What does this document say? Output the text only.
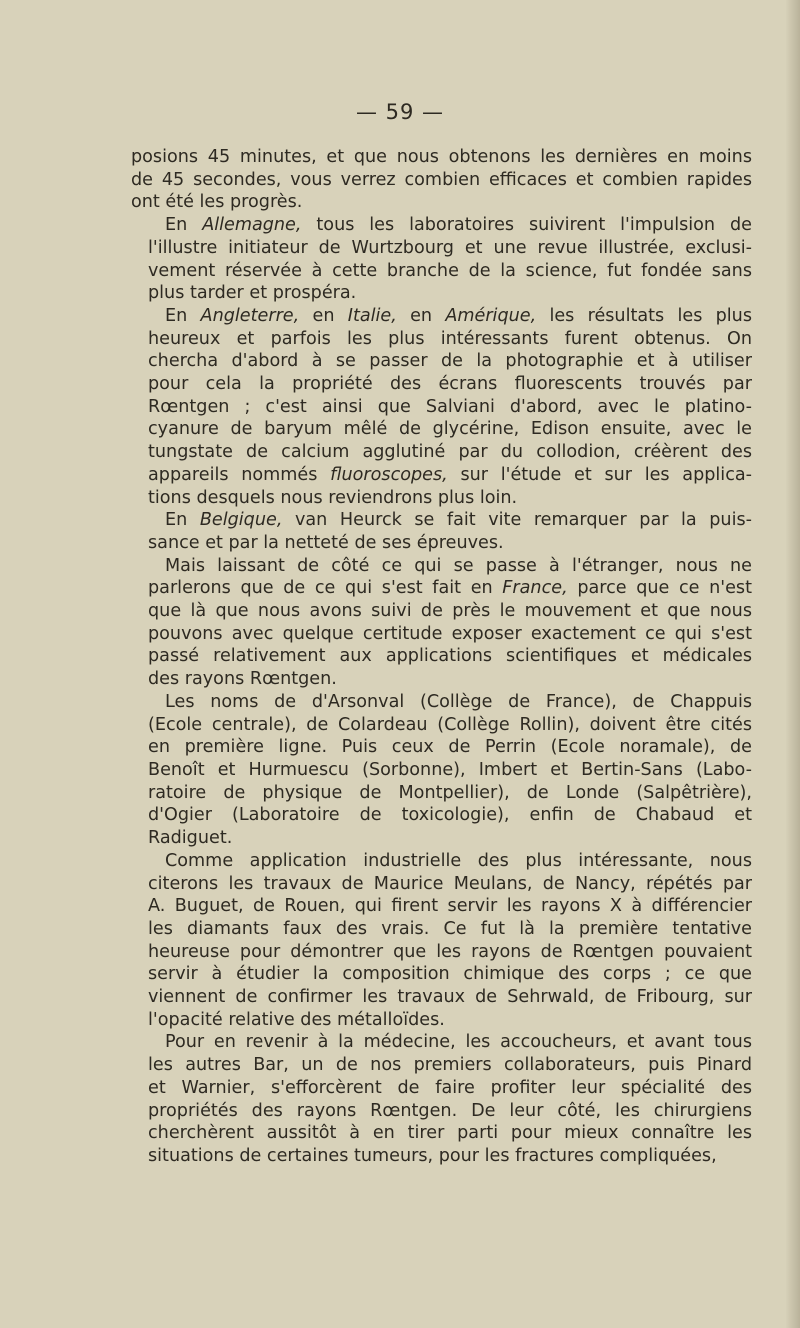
— 59 —

posions 45 minutes, et que nous obtenons les dernières en moins
de 45 secondes, vous verrez combien efficaces et combien rapides
ont été les progrès.

En Allemagne, tous les laboratoires suivirent l'impulsion de
l'illustre initiateur de Wurtzbourg et une revue illustrée, exclusi-
vement réservée à cette branche de la science, fut fondée sans
plus tarder et prospéra.

En Angleterre, en Italie, en Amérique, les résultats les plus
heureux et parfois les plus intéressants furent obtenus. On
chercha d'abord à se passer de la photographie et à utiliser
pour cela la propriété des écrans fluorescents trouvés par
Rœntgen ; c'est ainsi que Salviani d'abord, avec le platino-
cyanure de baryum mêlé de glycérine, Edison ensuite, avec le
tungstate de calcium agglutiné par du collodion, créèrent des
appareils nommés fluoroscopes, sur l'étude et sur les applica-
tions desquels nous reviendrons plus loin.

En Belgique, van Heurck se fait vite remarquer par la puis-
sance et par la netteté de ses épreuves.

Mais laissant de côté ce qui se passe à l'étranger, nous ne
parlerons que de ce qui s'est fait en France, parce que ce n'est
que là que nous avons suivi de près le mouvement et que nous
pouvons avec quelque certitude exposer exactement ce qui s'est
passé relativement aux applications scientifiques et médicales
des rayons Rœntgen.

Les noms de d'Arsonval (Collège de France), de Chappuis
(Ecole centrale), de Colardeau (Collège Rollin), doivent être cités
en première ligne. Puis ceux de Perrin (Ecole noramale), de
Benoît et Hurmuescu (Sorbonne), Imbert et Bertin-Sans (Labo-
ratoire de physique de Montpellier), de Londe (Salpêtrière),
d'Ogier (Laboratoire de toxicologie), enfin de Chabaud et
Radiguet.

Comme application industrielle des plus intéressante, nous
citerons les travaux de Maurice Meulans, de Nancy, répétés par
A. Buguet, de Rouen, qui firent servir les rayons X à différencier
les diamants faux des vrais. Ce fut là la première tentative
heureuse pour démontrer que les rayons de Rœntgen pouvaient
servir à étudier la composition chimique des corps ; ce que
viennent de confirmer les travaux de Sehrwald, de Fribourg, sur
l'opacité relative des métalloïdes.

Pour en revenir à la médecine, les accoucheurs, et avant tous
les autres Bar, un de nos premiers collaborateurs, puis Pinard
et Warnier, s'efforcèrent de faire profiter leur spécialité des
propriétés des rayons Rœntgen. De leur côté, les chirurgiens
cherchèrent aussitôt à en tirer parti pour mieux connaître les
situations de certaines tumeurs, pour les fractures compliquées,
